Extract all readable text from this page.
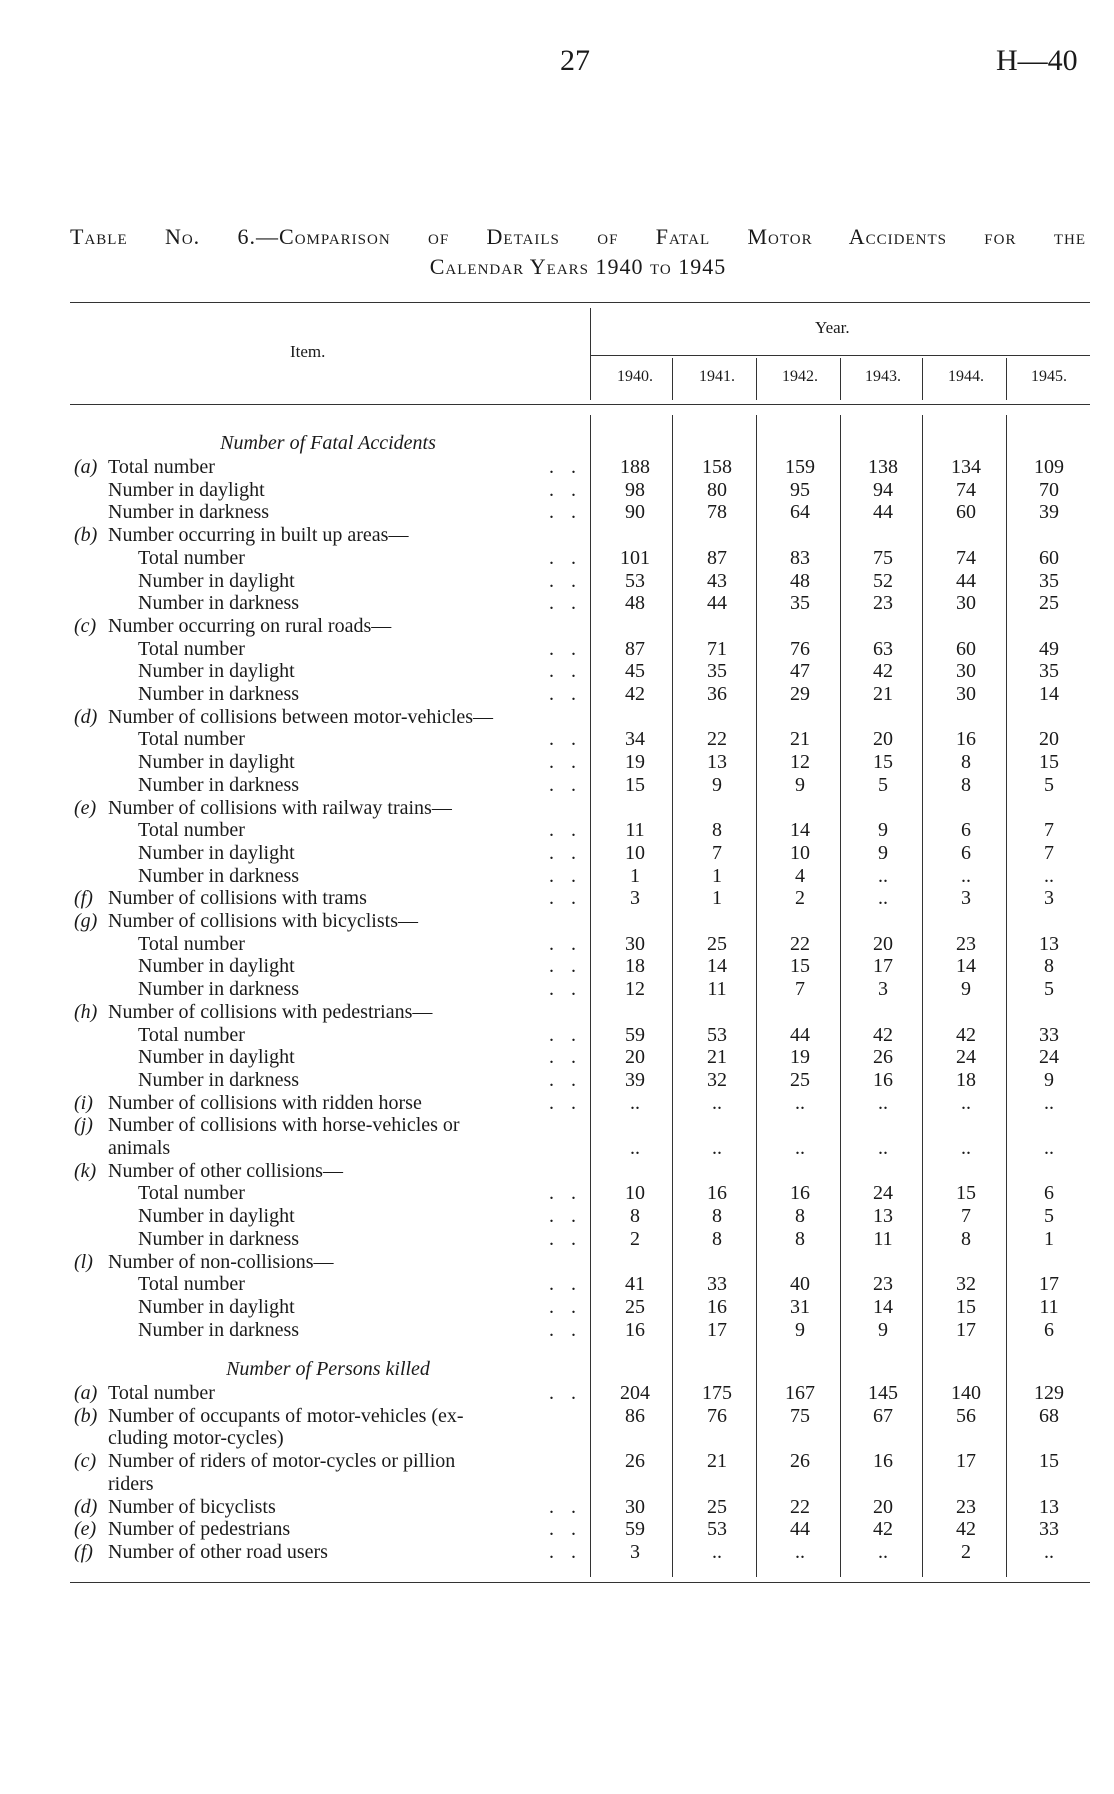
27	H—40
Table No. 6.—Comparison of Details of Fatal Motor Accidents for the
Calendar Years 1940 to 1945
Item.
Year.
1940.	1941.	1942.	1943.	1944.	1945.
Number of Fatal Accidents
(a) Total number	. .	188	158	159	138	134	109
Number in daylight	. .	98	80	95	94	74	70
Number in darkness	. .	90	78	64	44	60	39
(b) Number occurring in built up areas—
Total number	. .	101	87	83	75	74	60
Number in daylight	. .	53	43	48	52	44	35
Number in darkness	. .	48	44	35	23	30	25
(c) Number occurring on rural roads—
Total number	. .	87	71	76	63	60	49
Number in daylight	. .	45	35	47	42	30	35
Number in darkness	. .	42	36	29	21	30	14
(d) Number of collisions between motor-vehicles—
Total number	. .	34	22	21	20	16	20
Number in daylight	. .	19	13	12	15	8	15
Number in darkness	. .	15	9	9	5	8	5
(e) Number of collisions with railway trains—
Total number	. .	11	8	14	9	6	7
Number in daylight	. .	10	7	10	9	6	7
Number in darkness	. .	1	1	4	..	..	..
(f) Number of collisions with trams	. .	3	1	2	..	3	3
(g) Number of collisions with bicyclists—
Total number	. .	30	25	22	20	23	13
Number in daylight	. .	18	14	15	17	14	8
Number in darkness	. .	12	11	7	3	9	5
(h) Number of collisions with pedestrians—
Total number	. .	59	53	44	42	42	33
Number in daylight	. .	20	21	19	26	24	24
Number in darkness	. .	39	32	25	16	18	9
(i) Number of collisions with ridden horse	. .	..	..	..	..	..	..
(j) Number of collisions with horse-vehicles or
animals	..	..	..	..	..	..
(k) Number of other collisions—
Total number	. .	10	16	16	24	15	6
Number in daylight	. .	8	8	8	13	7	5
Number in darkness	. .	2	8	8	11	8	1
(l) Number of non-collisions—
Total number	. .	41	33	40	23	32	17
Number in daylight	. .	25	16	31	14	15	11
Number in darkness	. .	16	17	9	9	17	6
Number of Persons killed
(a) Total number	. .	204	175	167	145	140	129
(b) Number of occupants of motor-vehicles (ex-	86	76	75	67	56	68
cluding motor-cycles)
(c) Number of riders of motor-cycles or pillion	26	21	26	16	17	15
riders
(d) Number of bicyclists	. .	30	25	22	20	23	13
(e) Number of pedestrians	. .	59	53	44	42	42	33
(f) Number of other road users	. .	3	..	..	..	2	..
